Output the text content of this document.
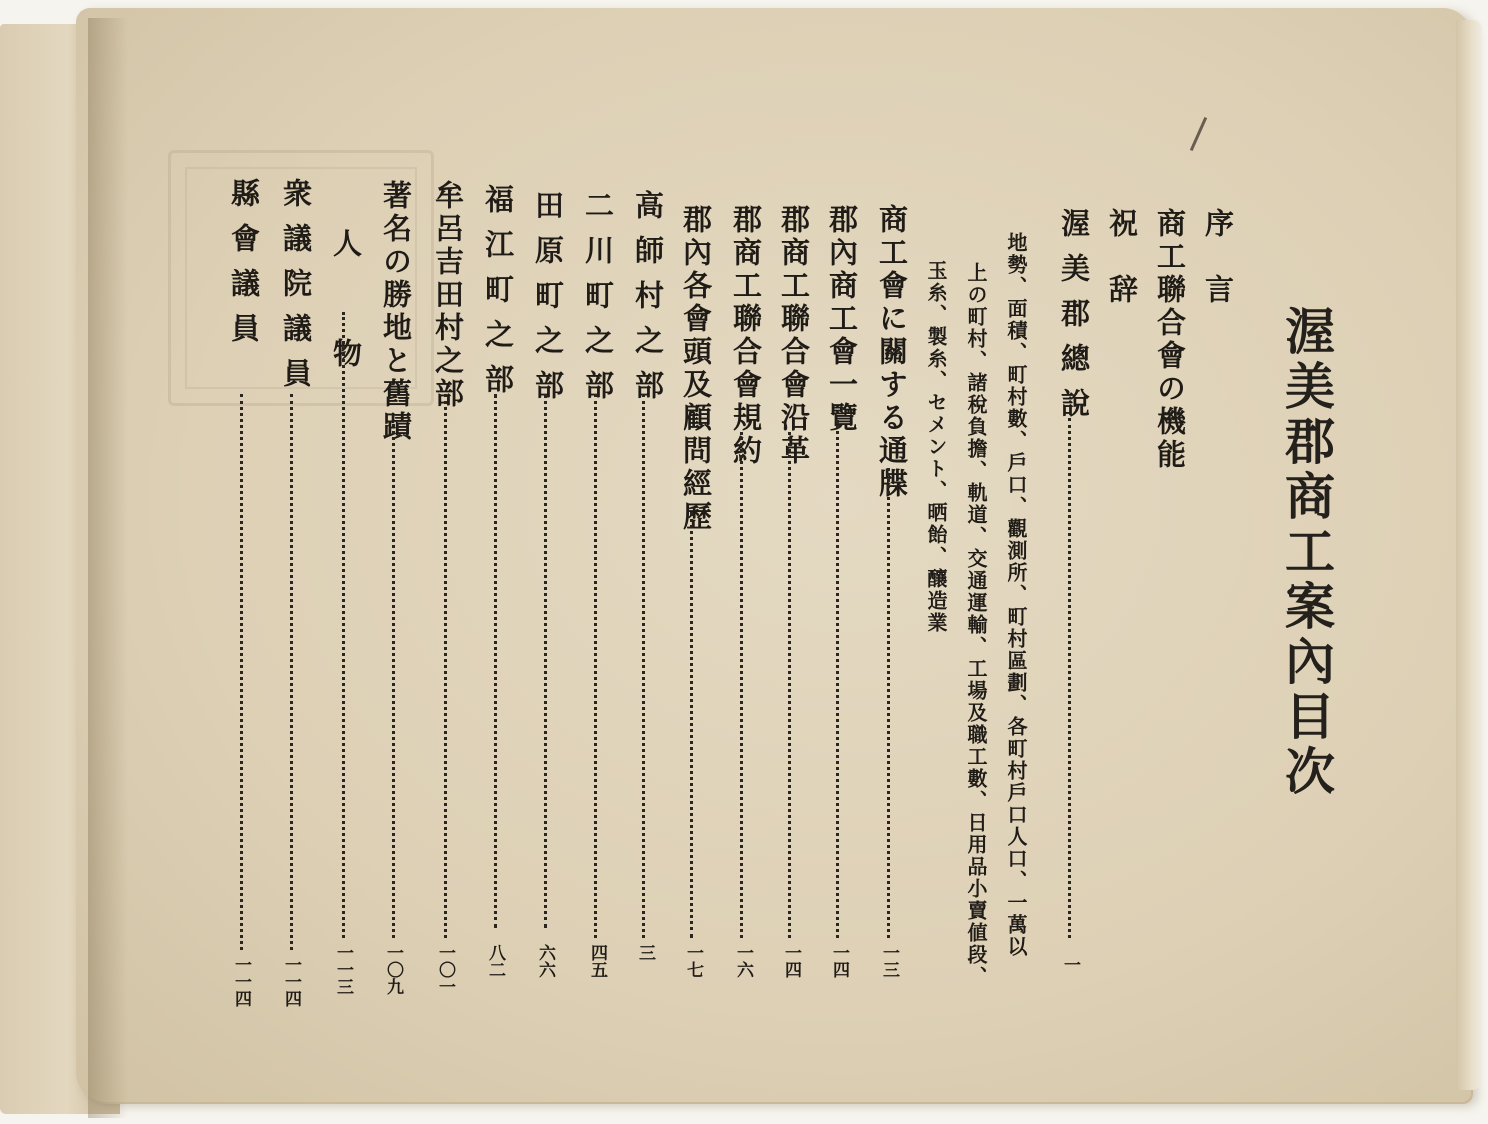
渥美郡商工案內目次
序　言
商工聯合會の機能
祝　辞
渥美郡總說
地勢、面積、町村數、戶口、觀測所、町村區劃、各町村戶口人口、一萬以
上の町村、諸稅負擔、軌道、交通運輸、工場及職工數、日用品小賣値段、
玉糸、製糸、セメント、晒飴、釀造業
商工會に關する通牒
郡內商工會一覽
郡商工聯合會沿革
郡商工聯合會規約
郡內各會頭及顧問經歷
高師村之部
二川町之部
田原町之部
福江町之部
牟呂吉田村之部
著名の勝地と舊蹟
人　物
衆議院議員
縣會議員
一
一三
一四
一四
一六
一七
三
四五
六六
八二
一〇一
一〇九
一一三
一一四
一一四
